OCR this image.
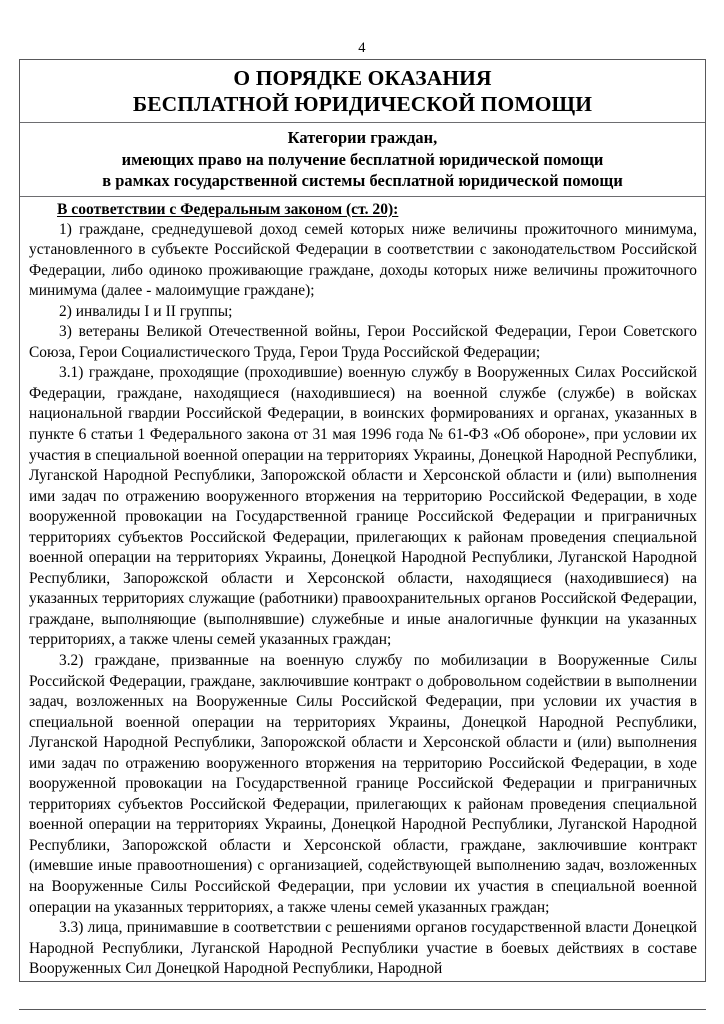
4
О ПОРЯДКЕ ОКАЗАНИЯ
БЕСПЛАТНОЙ ЮРИДИЧЕСКОЙ ПОМОЩИ
Категории граждан,
имеющих право на получение бесплатной юридической помощи
в рамках государственной системы бесплатной юридической помощи
В соответствии с Федеральным законом (ст. 20):

1) граждане, среднедушевой доход семей которых ниже величины прожиточного минимума, установленного в субъекте Российской Федерации в соответствии с законодательством Российской Федерации, либо одиноко проживающие граждане, доходы которых ниже величины прожиточного минимума (далее - малоимущие граждане);

2) инвалиды I и II группы;

3) ветераны Великой Отечественной войны, Герои Российской Федерации, Герои Советского Союза, Герои Социалистического Труда, Герои Труда Российской Федерации;

3.1) граждане, проходящие (проходившие) военную службу в Вооруженных Силах Российской Федерации, граждане, находящиеся (находившиеся) на военной службе (службе) в войсках национальной гвардии Российской Федерации, в воинских формированиях и органах, указанных в пункте 6 статьи 1 Федерального закона от 31 мая 1996 года № 61-ФЗ «Об обороне», при условии их участия в специальной военной операции на территориях Украины, Донецкой Народной Республики, Луганской Народной Республики, Запорожской области и Херсонской области и (или) выполнения ими задач по отражению вооруженного вторжения на территорию Российской Федерации, в ходе вооруженной провокации на Государственной границе Российской Федерации и приграничных территориях субъектов Российской Федерации, прилегающих к районам проведения специальной военной операции на территориях Украины, Донецкой Народной Республики, Луганской Народной Республики, Запорожской области и Херсонской области, находящиеся (находившиеся) на указанных территориях служащие (работники) правоохранительных органов Российской Федерации, граждане, выполняющие (выполнявшие) служебные и иные аналогичные функции на указанных территориях, а также члены семей указанных граждан;

3.2) граждане, призванные на военную службу по мобилизации в Вооруженные Силы Российской Федерации, граждане, заключившие контракт о добровольном содействии в выполнении задач, возложенных на Вооруженные Силы Российской Федерации, при условии их участия в специальной военной операции на территориях Украины, Донецкой Народной Республики, Луганской Народной Республики, Запорожской области и Херсонской области и (или) выполнения ими задач по отражению вооруженного вторжения на территорию Российской Федерации, в ходе вооруженной провокации на Государственной границе Российской Федерации и приграничных территориях субъектов Российской Федерации, прилегающих к районам проведения специальной военной операции на территориях Украины, Донецкой Народной Республики, Луганской Народной Республики, Запорожской области и Херсонской области, граждане, заключившие контракт (имевшие иные правоотношения) с организацией, содействующей выполнению задач, возложенных на Вооруженные Силы Российской Федерации, при условии их участия в специальной военной операции на указанных территориях, а также члены семей указанных граждан;

3.3) лица, принимавшие в соответствии с решениями органов государственной власти Донецкой Народной Республики, Луганской Народной Республики участие в боевых действиях в составе Вооруженных Сил Донецкой Народной Республики, Народной
